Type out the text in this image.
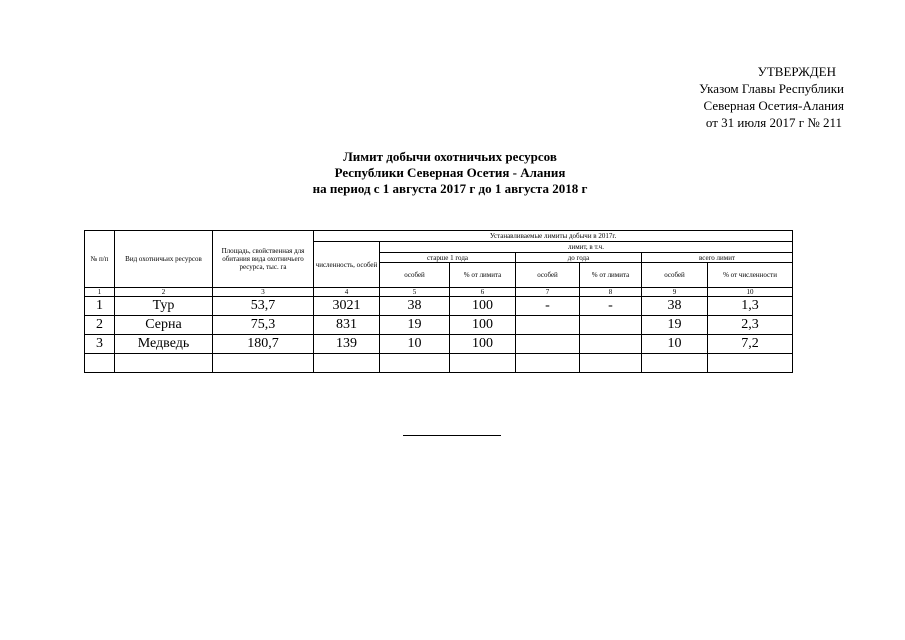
УТВЕРЖДЕН
Указом Главы Республики
Северная Осетия-Алания
от 31 июля 2017 г № 211
Лимит добычи охотничьих ресурсов
Республики Северная Осетия - Алания
на период с 1 августа 2017 г до 1 августа 2018 г
№ п/п	Вид охотничьих ресурсов	Площадь, свойственная для обитания вида охотничьего ресурса, тыс. га	Устанавливаемые лимиты добычи в 2017г.						
			численность, особей	лимит, в т.ч.					
				старше 1 года		до года		всего лимит	
				особей	% от лимита	особей	% от лимита	особей	% от численности
1	2	3	4	5	6	7	8	9	10
1	Тур	53,7	3021	38	100	-	-	38	1,3
2	Серна	75,3	831	19	100			19	2,3
3	Медведь	180,7	139	10	100			10	7,2
